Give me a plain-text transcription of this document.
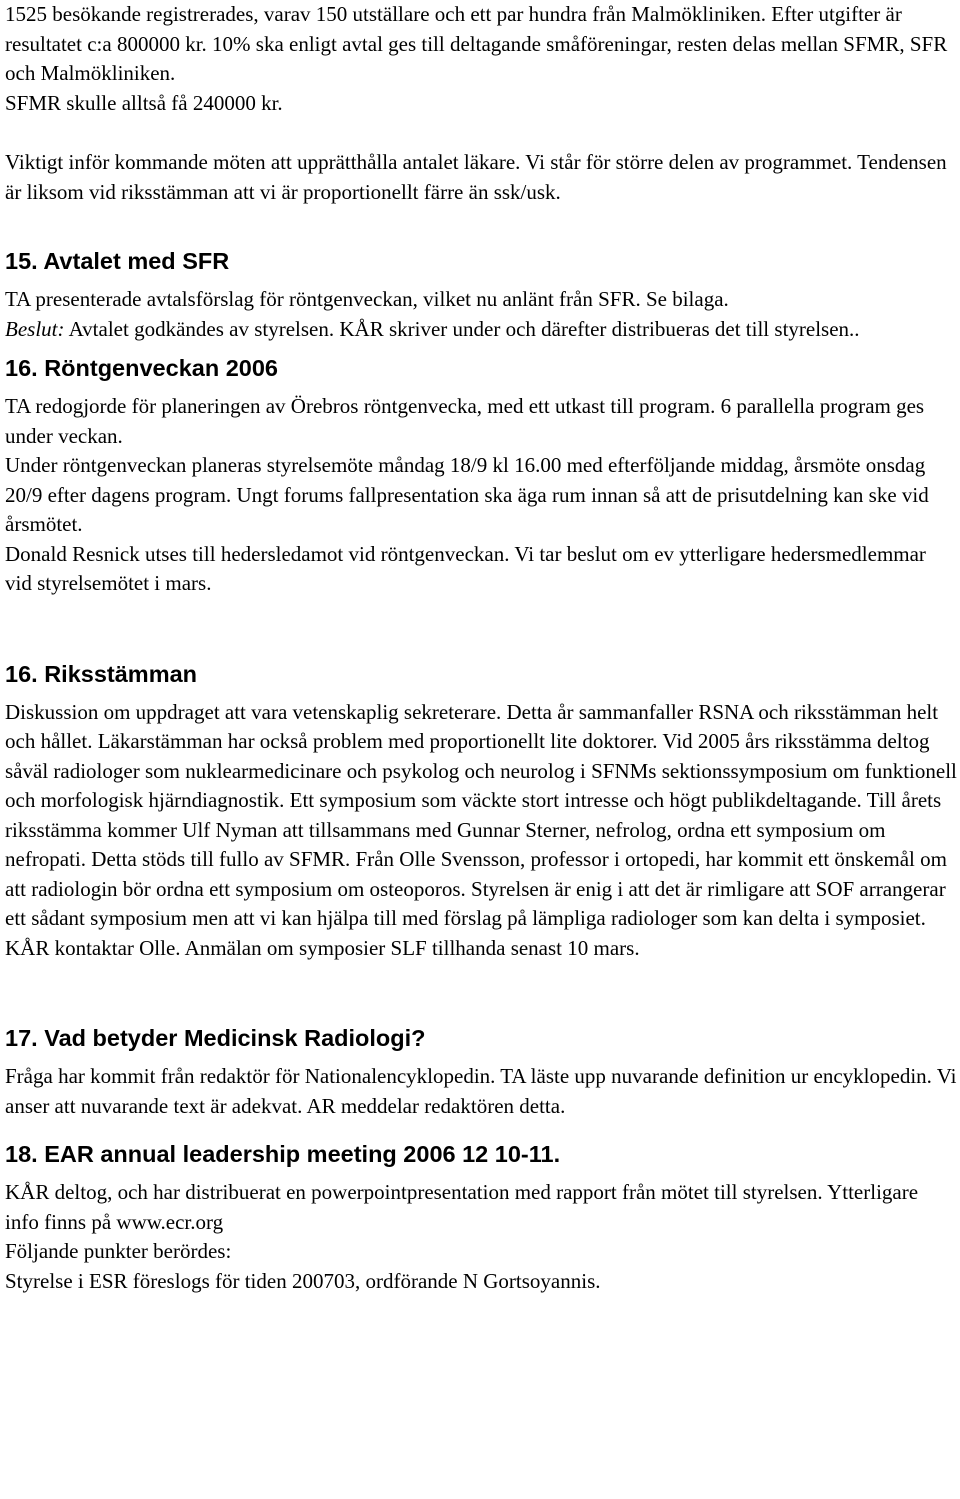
1525 besökande registrerades, varav 150 utställare och ett par hundra från Malmökliniken. Efter utgifter är resultatet c:a 800000 kr. 10% ska enligt avtal ges till deltagande småföreningar, resten delas mellan SFMR, SFR och Malmökliniken.

SFMR skulle alltså få 240000 kr.

Viktigt inför kommande möten att upprätthålla antalet läkare. Vi står för större delen av programmet. Tendensen är liksom vid riksstämman att vi är proportionellt färre än ssk/usk.

15. Avtalet med SFR

TA presenterade avtalsförslag för röntgenveckan, vilket nu anlänt från SFR. Se bilaga.

Beslut: Avtalet godkändes av styrelsen. KÅR skriver under och därefter distribueras det till styrelsen..

16. Röntgenveckan 2006

TA redogjorde för planeringen av Örebros röntgenvecka, med ett utkast till program. 6 parallella program ges under veckan.

Under röntgenveckan planeras styrelsemöte måndag 18/9 kl 16.00 med efterföljande middag, årsmöte onsdag 20/9 efter dagens program. Ungt forums fallpresentation ska äga rum innan så att de prisutdelning kan ske vid årsmötet.

Donald Resnick utses till hedersledamot vid röntgenveckan. Vi tar beslut om ev ytterligare hedersmedlemmar vid styrelsemötet i mars.

16. Riksstämman

Diskussion om uppdraget att vara vetenskaplig sekreterare. Detta år sammanfaller RSNA och riksstämman helt och hållet. Läkarstämman har också problem med proportionellt lite doktorer. Vid 2005 års riksstämma deltog såväl radiologer som nuklearmedicinare och psykolog och neurolog i SFNMs sektionssymposium om funktionell och morfologisk hjärndiagnostik. Ett symposium som väckte stort intresse och högt publikdeltagande. Till årets riksstämma kommer Ulf Nyman att tillsammans med Gunnar Sterner, nefrolog, ordna ett symposium om nefropati. Detta stöds till fullo av SFMR. Från Olle Svensson, professor i ortopedi, har kommit ett önskemål om att radiologin bör ordna ett symposium om osteoporos. Styrelsen är enig i att det är rimligare att SOF arrangerar ett sådant symposium men att vi kan hjälpa till med förslag på lämpliga radiologer som kan delta i symposiet. KÅR kontaktar Olle. Anmälan om symposier SLF tillhanda senast 10 mars.

17. Vad betyder Medicinsk Radiologi?

Fråga har kommit från redaktör för Nationalencyklopedin. TA läste upp nuvarande definition ur encyklopedin. Vi anser att nuvarande text är adekvat. AR meddelar redaktören detta.

18. EAR annual leadership meeting 2006 12 10-11.

KÅR deltog, och har distribuerat en powerpointpresentation med rapport från mötet till styrelsen. Ytterligare info finns på www.ecr.org

Följande punkter berördes:

Styrelse i ESR föreslogs för tiden 200703, ordförande N Gortsoyannis.
